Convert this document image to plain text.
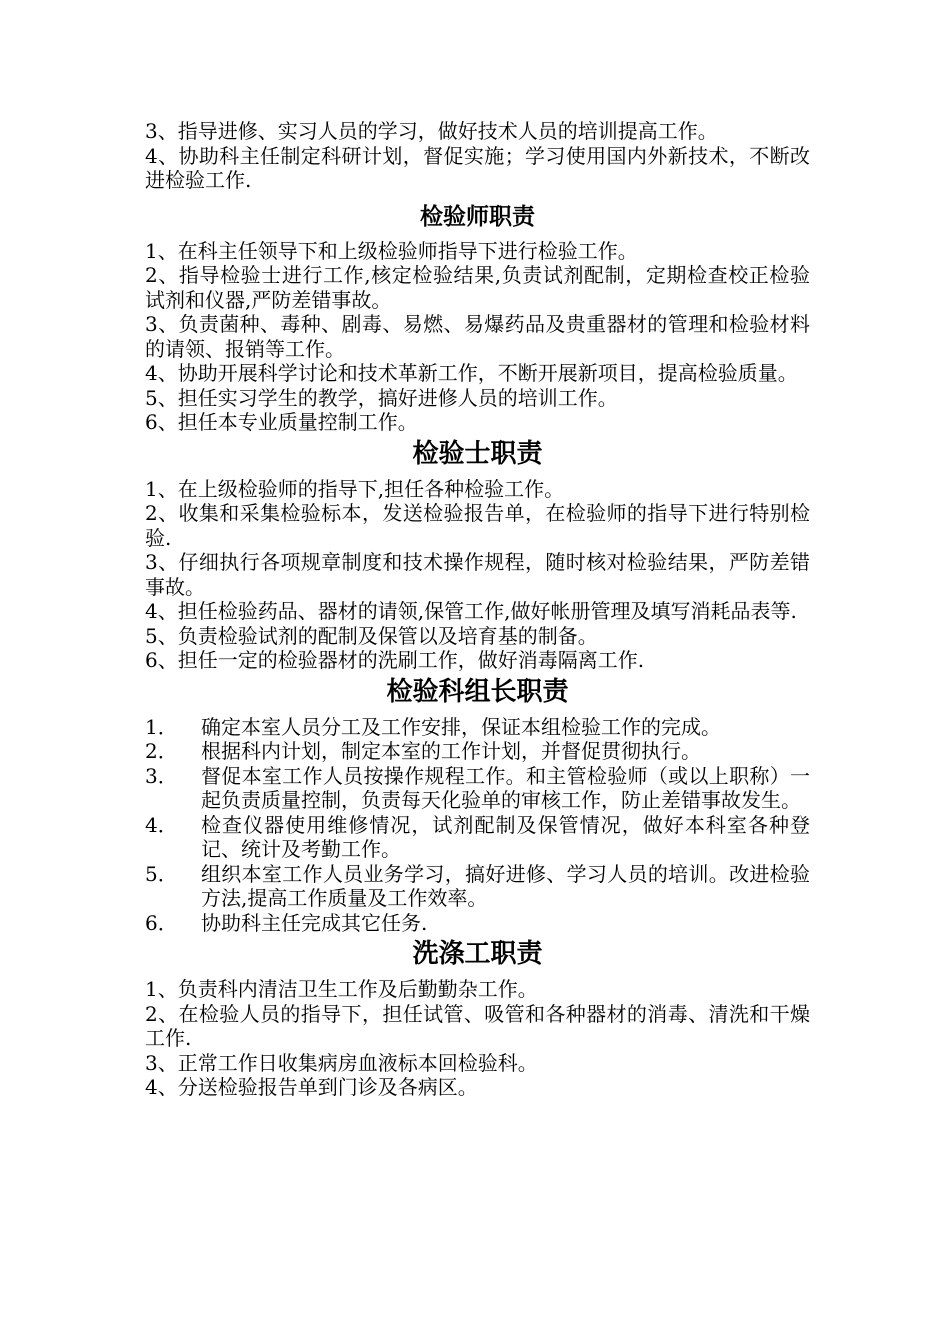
3、指导进修、实习人员的学习，做好技术人员的培训提高工作。

4、协助科主任制定科研计划，督促实施；学习使用国内外新技术，不断改进检验工作.

检验师职责

1、在科主任领导下和上级检验师指导下进行检验工作。

2、指导检验士进行工作,核定检验结果,负责试剂配制，定期检查校正检验试剂和仪器,严防差错事故。

3、负责菌种、毒种、剧毒、易燃、易爆药品及贵重器材的管理和检验材料的请领、报销等工作。

4、协助开展科学讨论和技术革新工作，不断开展新项目，提高检验质量。

5、担任实习学生的教学，搞好进修人员的培训工作。

6、担任本专业质量控制工作。

检验士职责

1、在上级检验师的指导下,担任各种检验工作。

2、收集和采集检验标本，发送检验报告单，在检验师的指导下进行特别检验.

3、仔细执行各项规章制度和技术操作规程，随时核对检验结果，严防差错事故。

4、担任检验药品、器材的请领,保管工作,做好帐册管理及填写消耗品表等.

5、负责检验试剂的配制及保管以及培育基的制备。

6、担任一定的检验器材的洗刷工作，做好消毒隔离工作.

检验科组长职责
1．	确定本室人员分工及工作安排，保证本组检验工作的完成。
2．	根据科内计划，制定本室的工作计划，并督促贯彻执行。
3．	督促本室工作人员按操作规程工作。和主管检验师（或以上职称）一起负责质量控制，负责每天化验单的审核工作，防止差错事故发生。
4．	检查仪器使用维修情况，试剂配制及保管情况，做好本科室各种登记、统计及考勤工作。
5．	组织本室工作人员业务学习，搞好进修、学习人员的培训。改进检验方法,提高工作质量及工作效率。
6．	协助科主任完成其它任务.
洗涤工职责

1、负责科内清洁卫生工作及后勤勤杂工作。

2、在检验人员的指导下，担任试管、吸管和各种器材的消毒、清洗和干燥工作.

3、正常工作日收集病房血液标本回检验科。

4、分送检验报告单到门诊及各病区。
